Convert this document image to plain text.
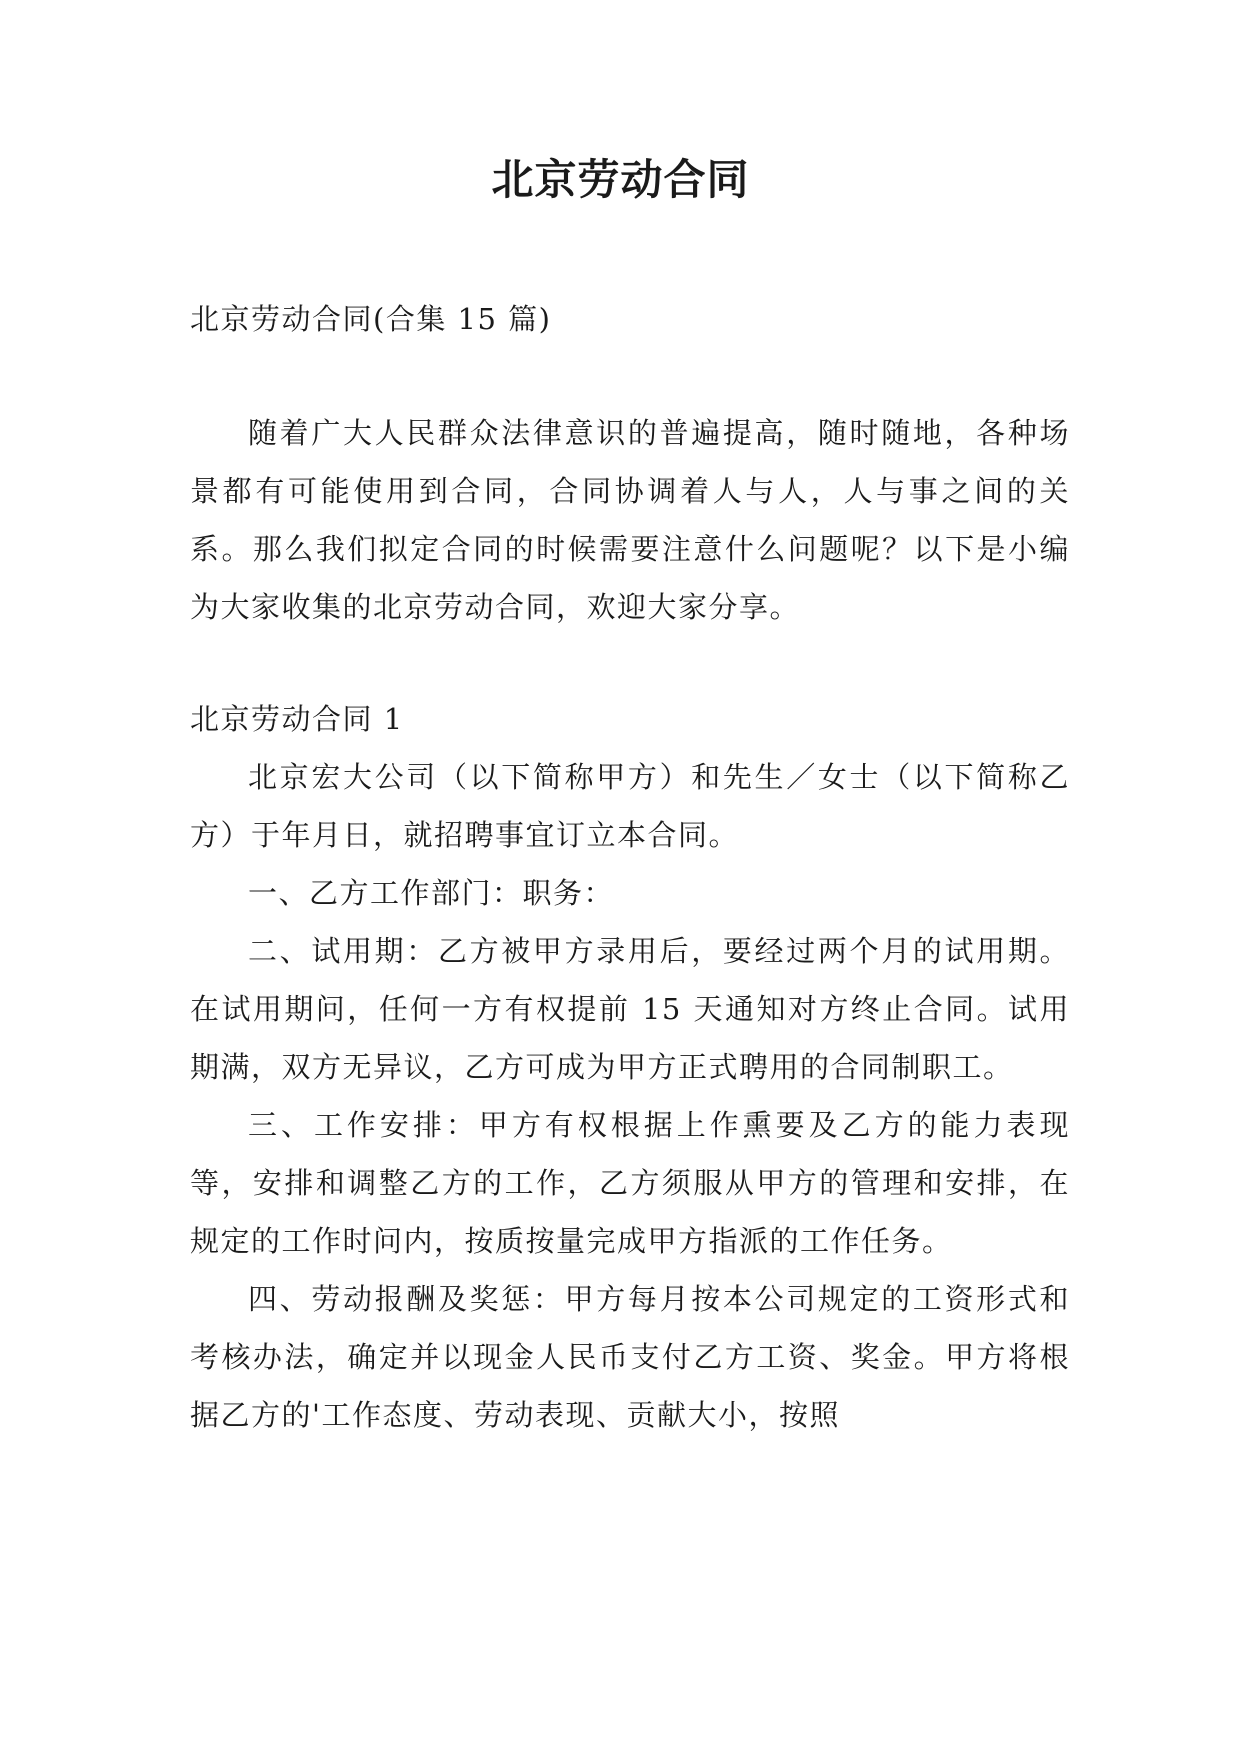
北京劳动合同
北京劳动合同(合集 15 篇)

随着广大人民群众法律意识的普遍提高，随时随地，各种场景都有可能使用到合同，合同协调着人与人，人与事之间的关系。那么我们拟定合同的时候需要注意什么问题呢？以下是小编为大家收集的北京劳动合同，欢迎大家分享。

北京劳动合同 1

北京宏大公司（以下简称甲方）和先生／女士（以下简称乙方）于年月日，就招聘事宜订立本合同。

一、乙方工作部门：职务：

二、试用期：乙方被甲方录用后，要经过两个月的试用期。在试用期问，任何一方有权提前 15 天通知对方终止合同。试用期满，双方无异议，乙方可成为甲方正式聘用的合同制职工。

三、工作安排：甲方有权根据上作熏要及乙方的能力表现等，安排和调整乙方的工作，乙方须服从甲方的管理和安排，在规定的工作时问内，按质按量完成甲方指派的工作任务。

四、劳动报酬及奖惩：甲方每月按本公司规定的工资形式和考核办法，确定并以现金人民币支付乙方工资、奖金。甲方将根据乙方的'工作态度、劳动表现、贡献大小，按照
